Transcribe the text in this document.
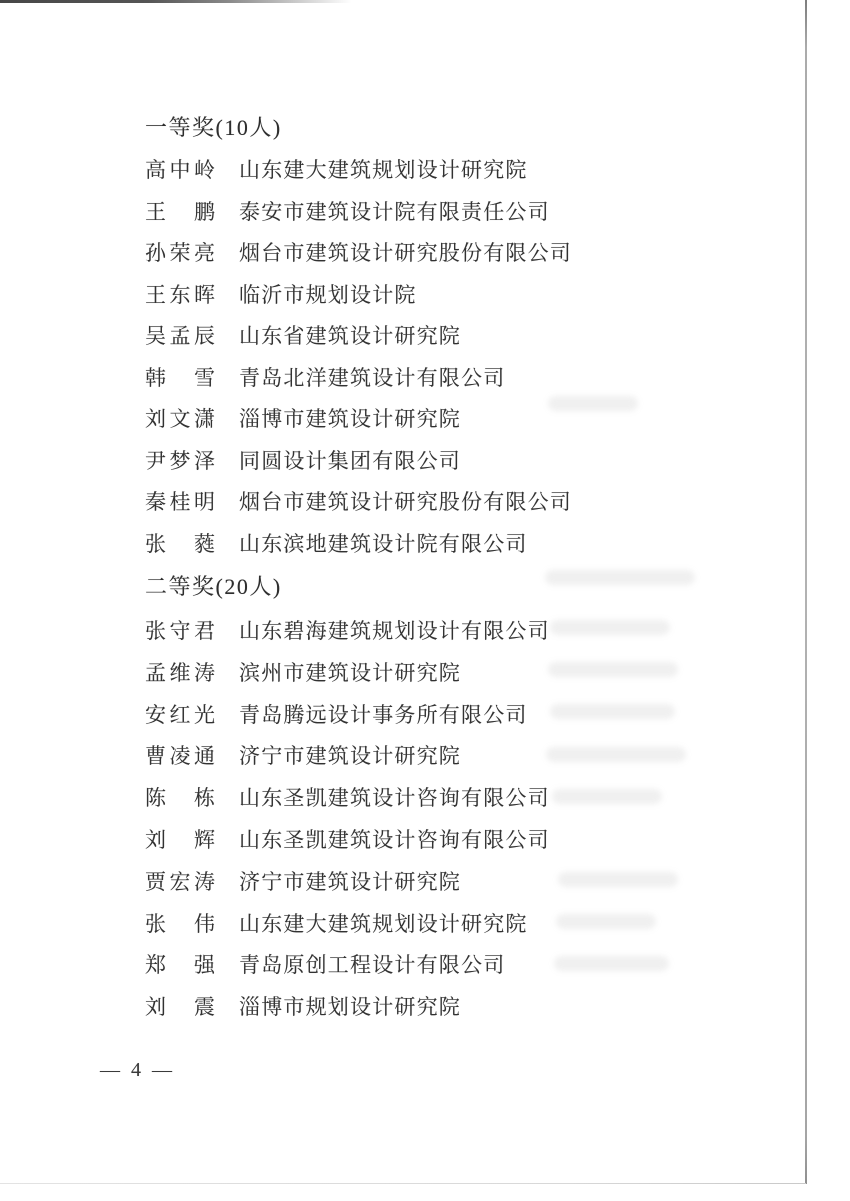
一等奖(10人)
二等奖(20人)
高 中 岭 山东建大建筑规划设计研究院
王 鹏 泰安市建筑设计院有限责任公司
孙 荣 亮 烟台市建筑设计研究股份有限公司
王 东 晖 临沂市规划设计院
吴 孟 辰 山东省建筑设计研究院
韩 雪 青岛北洋建筑设计有限公司
刘 文 潇 淄博市建筑设计研究院
尹 梦 泽 同圆设计集团有限公司
秦 桂 明 烟台市建筑设计研究股份有限公司
张 蕤 山东滨地建筑设计院有限公司
张 守 君 山东碧海建筑规划设计有限公司
孟 维 涛 滨州市建筑设计研究院
安 红 光 青岛腾远设计事务所有限公司
曹 凌 通 济宁市建筑设计研究院
陈 栋 山东圣凯建筑设计咨询有限公司
刘 辉 山东圣凯建筑设计咨询有限公司
贾 宏 涛 济宁市建筑设计研究院
张 伟 山东建大建筑规划设计研究院
郑 强 青岛原创工程设计有限公司
刘 震 淄博市规划设计研究院
— 4 —
